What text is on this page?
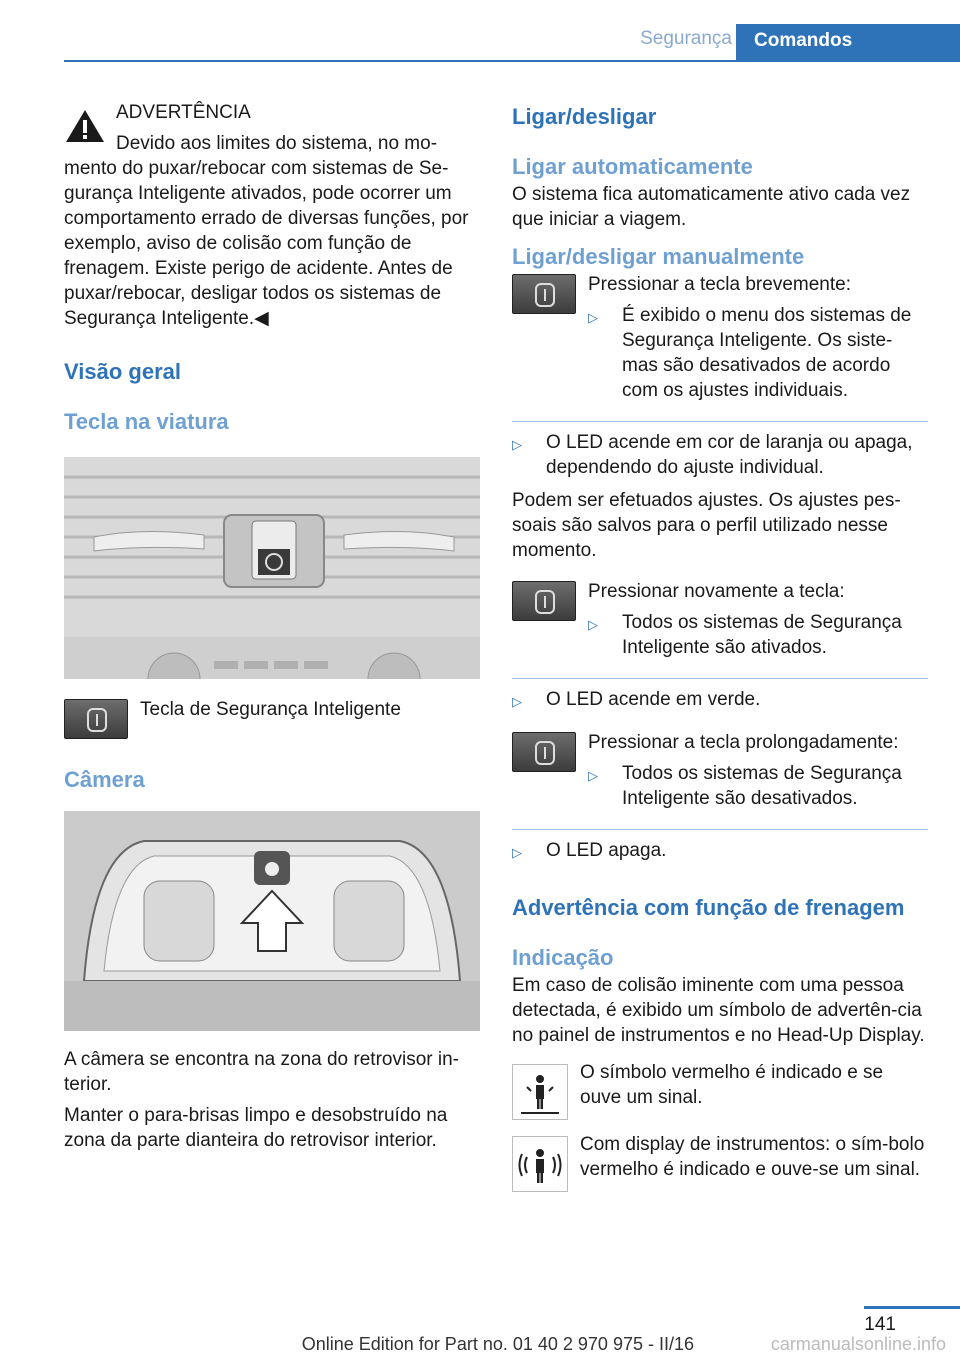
Segurança	Comandos
ADVERTÊNCIA
Devido aos limites do sistema, no mo‐

mento do puxar/rebocar com sistemas de Se‐gurança Inteligente ativados, pode ocorrer um comportamento errado de diversas funções, por exemplo, aviso de colisão com função de frenagem. Existe perigo de acidente. Antes de puxar/rebocar, desligar todos os sistemas de Segurança Inteligente.◀

Visão geral
Tecla na viatura

Tecla de Segurança Inteligente

Câmera

A câmera se encontra na zona do retrovisor in‐terior.

Manter o para-brisas limpo e desobstruído na zona da parte dianteira do retrovisor interior.

Ligar/desligar
Ligar automaticamente

O sistema fica automaticamente ativo cada vez que iniciar a viagem.

Ligar/desligar manualmente

Pressionar a tecla brevemente:

▷	É exibido o menu dos sistemas de Segurança Inteligente. Os siste‐mas são desativados de acordo com os ajustes individuais.
▷	O LED acende em cor de laranja ou apaga, dependendo do ajuste individual.

Podem ser efetuados ajustes. Os ajustes pes‐soais são salvos para o perfil utilizado nesse momento.

Pressionar novamente a tecla:

▷	Todos os sistemas de Segurança Inteligente são ativados.
▷	O LED acende em verde.

Pressionar a tecla prolongadamente:

▷	Todos os sistemas de Segurança Inteligente são desativados.
▷	O LED apaga.
Advertência com função de frenagem
Indicação

Em caso de colisão iminente com uma pessoa detectada, é exibido um símbolo de advertên‐cia no painel de instrumentos e no Head-Up Display.

O símbolo vermelho é indicado e se ouve um sinal.

Com display de instrumentos: o sím‐bolo vermelho é indicado e ouve-se um sinal.

141
Online Edition for Part no. 01 40 2 970 975 - II/16	carmanualsonline.info
